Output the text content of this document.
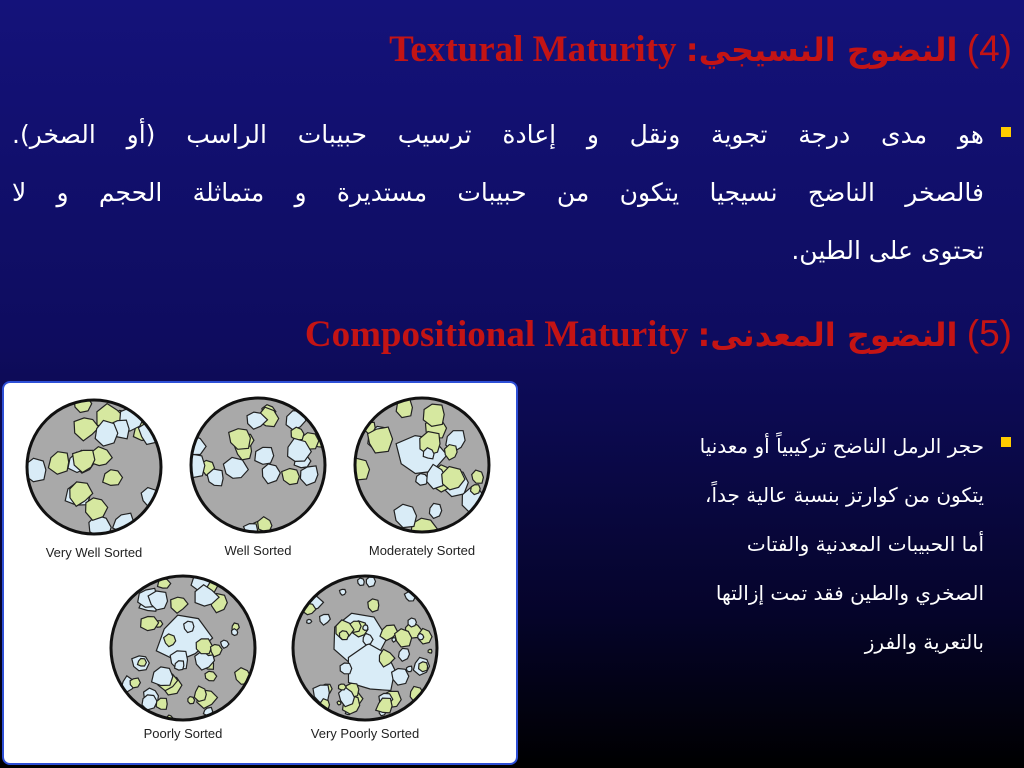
(4) النضوج النسيجي: Textural Maturity
هو مدى درجة تجوية ونقل و إعادة ترسيب حبيبات الراسب (أو الصخر).
فالصخر الناضج نسيجيا يتكون من حبيبات مستديرة و متماثلة الحجم و لا
تحتوى على الطين.
(5) النضوج المعدنى: Compositional Maturity
Very Well Sorted	Well Sorted	Moderately Sorted
Poorly Sorted	Very Poorly Sorted
حجر الرمل الناضح تركيبياً أو معدنيا
يتكون من كوارتز بنسبة عالية جداً،
أما الحبيبات المعدنية والفتات
الصخري والطين فقد تمت إزالتها
بالتعرية والفرز
